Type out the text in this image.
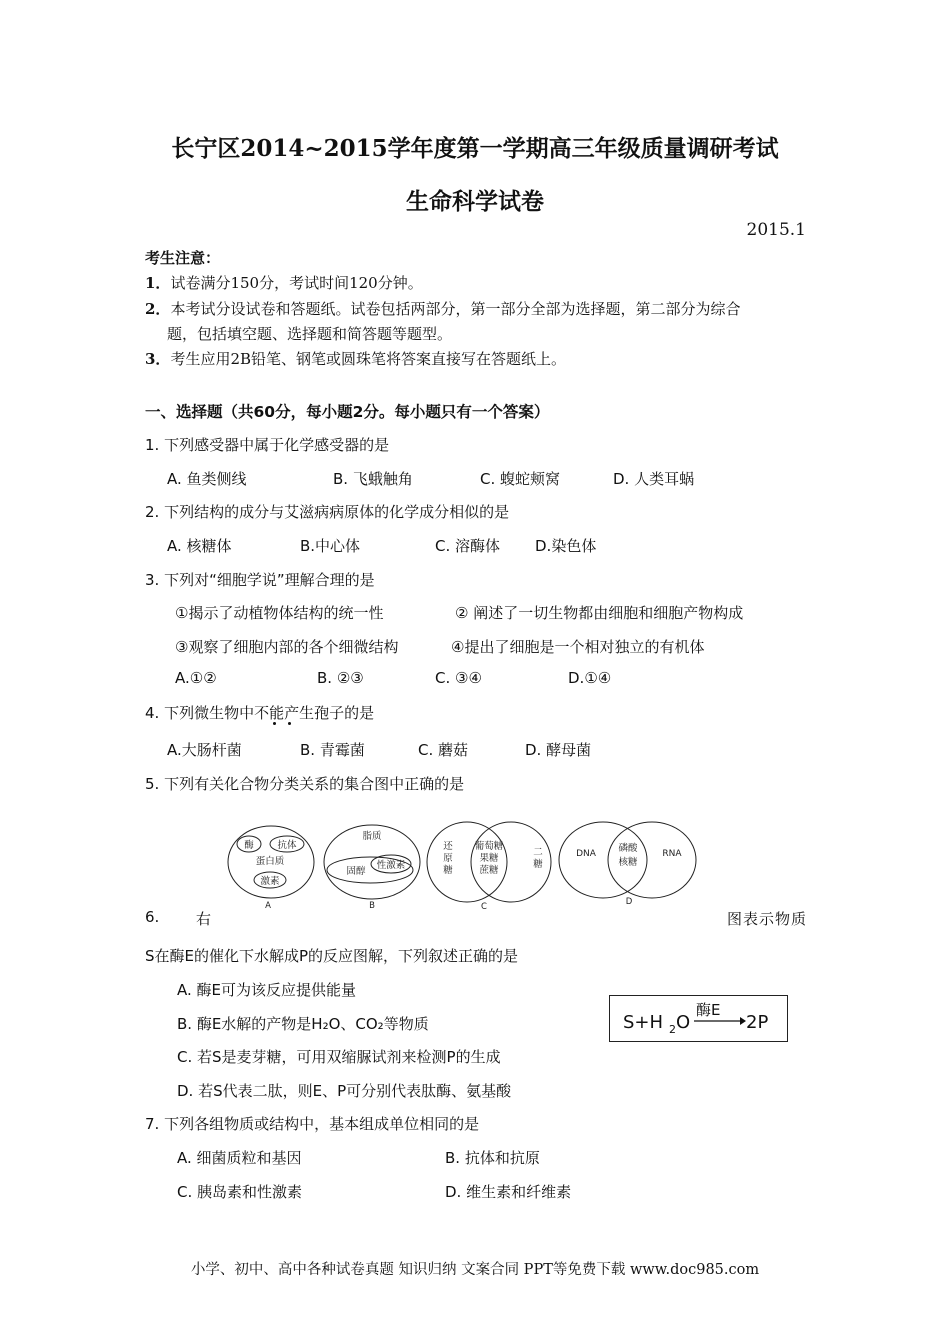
长宁区2014~2015学年度第一学期高三年级质量调研考试
生命科学试卷
2015.1
考生注意：
1．试卷满分150分，考试时间120分钟。
2．本考试分设试卷和答题纸。试卷包括两部分，第一部分全部为选择题，第二部分为综合
题，包括填空题、选择题和简答题等题型。
3．考生应用2B铅笔、钢笔或圆珠笔将答案直接写在答题纸上。
一、选择题（共60分，每小题2分。每小题只有一个答案）
1. 下列感受器中属于化学感受器的是
A. 鱼类侧线	B. 飞蛾触角	C. 蝮蛇颊窝	D. 人类耳蜗
2. 下列结构的成分与艾滋病病原体的化学成分相似的是
A. 核糖体	B.中心体	C. 溶酶体 D.染色体
3. 下列对“细胞学说”理解合理的是
①揭示了动植物体结构的统一性	② 阐述了一切生物都由细胞和细胞产物构成
③观察了细胞内部的各个细微结构	④提出了细胞是一个相对独立的有机体
A.①②	B. ②③	C. ③④	D.①④
4. 下列微生物中不能产生孢子的是
A.大肠杆菌	B. 青霉菌	C. 蘑菇	D. 酵母菌
5. 下列有关化合物分类关系的集合图中正确的是
酶 抗体
蛋白质
激素
A
脂质
固醇
性激素
B
还
原
糖
葡萄糖
果糖
蔗糖
二
糖
C
DNA 磷酸
核糖
RNA
D
6. 右	图表示物质
S在酶E的催化下水解成P的反应图解，下列叙述正确的是
A. 酶E可为该反应提供能量
B. 酶E水解的产物是H₂O、CO₂等物质
C. 若S是麦芽糖，可用双缩脲试剂来检测P的生成
D. 若S代表二肽，则E、P可分别代表肽酶、氨基酸
S+H 2 O
酶E
2P
7. 下列各组物质或结构中，基本组成单位相同的是
A. 细菌质粒和基因	B. 抗体和抗原
C. 胰岛素和性激素	D. 维生素和纤维素
小学、初中、高中各种试卷真题 知识归纳 文案合同 PPT等免费下载 www.doc985.com
